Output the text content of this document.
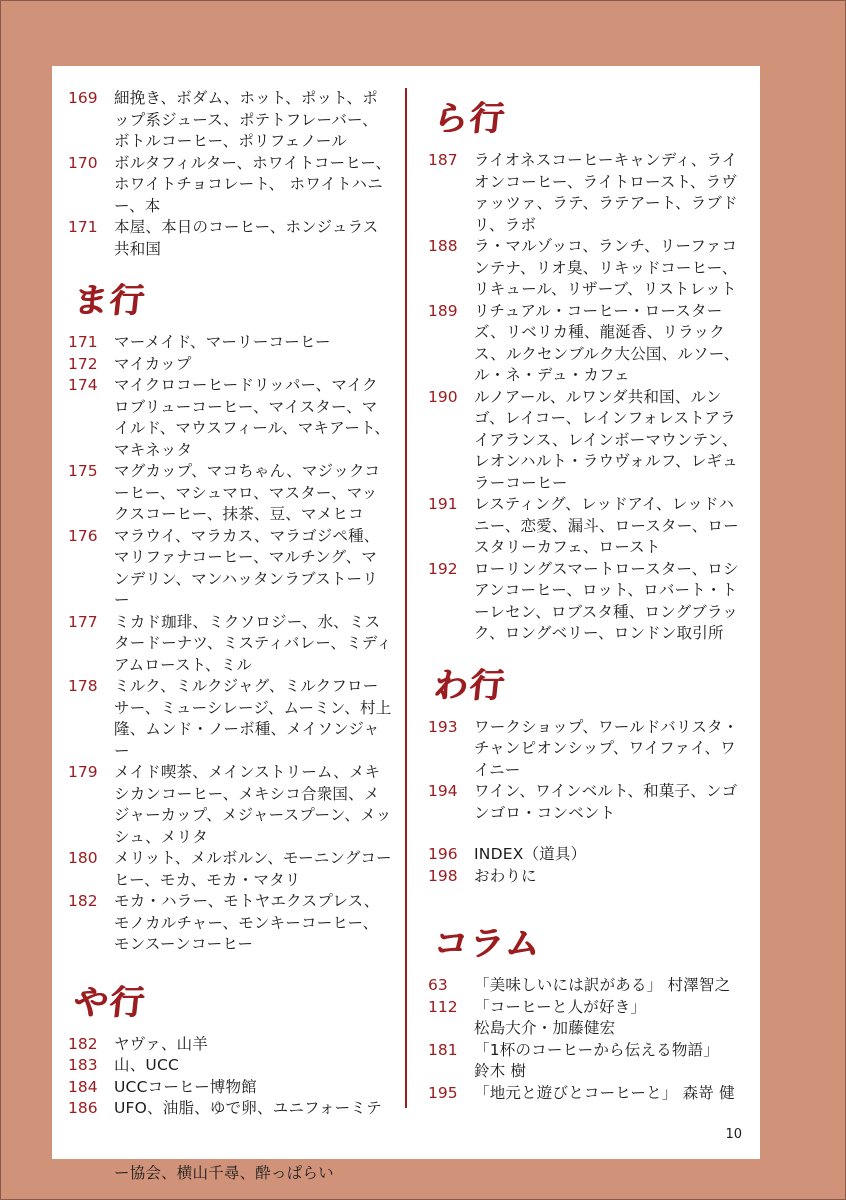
169	細挽き、ボダム、ホット、ポット、ポップ系ジュース、ポテトフレーバー、ボトルコーヒー、ポリフェノール
170	ボルタフィルター、ホワイトコーヒー、ホワイトチョコレート、 ホワイトハニー、本
171	本屋、本日のコーヒー、ホンジュラス共和国
ま行
171	マーメイド、マーリーコーヒー
172	マイカップ
174	マイクロコーヒードリッパー、マイクロブリューコーヒー、マイスター、マイルド、マウスフィール、マキアート、マキネッタ
175	マグカップ、マコちゃん、マジックコーヒー、マシュマロ、マスター、マックスコーヒー、抹茶、豆、マメヒコ
176	マラウイ、マラカス、マラゴジペ種、マリファナコーヒー、マルチング、マンデリン、マンハッタンラブストーリー
177	ミカド珈琲、ミクソロジー、水、ミスタードーナツ、ミスティバレー、ミディアムロースト、ミル
178	ミルク、ミルクジャグ、ミルクフローサー、ミューシレージ、ムーミン、村上隆、ムンド・ノーボ種、メイソンジャー
179	メイド喫茶、メインストリーム、メキシカンコーヒー、メキシコ合衆国、メジャーカップ、メジャースプーン、メッシュ、メリタ
180	メリット、メルボルン、モーニングコーヒー、モカ、モカ・マタリ
182	モカ・ハラー、モトヤエクスプレス、モノカルチャー、モンキーコーヒー、モンスーンコーヒー
や行
182	ヤヴァ、山羊
183	山、UCC
184	UCCコーヒー博物館
186	UFO、油脂、ゆで卵、ユニフォーミテ ー協会、横山千尋、酔っぱらい
ら行
187	ライオネスコーヒーキャンディ、ライオンコーヒー、ライトロースト、ラヴァッツァ、ラテ、ラテアート、ラブドリ、ラボ
188	ラ・マルゾッコ、ランチ、リーファコンテナ、リオ臭、リキッドコーヒー、リキュール、リザーブ、リストレット
189	リチュアル・コーヒー・ロースターズ、リベリカ種、龍涎香、リラックス、ルクセンブルク大公国、ルソー、ル・ネ・デュ・カフェ
190	ルノアール、ルワンダ共和国、ルンゴ、レイコー、レインフォレストアライアランス、レインボーマウンテン、レオンハルト・ラウヴォルフ、レギュラーコーヒー
191	レスティング、レッドアイ、レッドハニー、恋愛、漏斗、ロースター、ロースタリーカフェ、ロースト
192	ローリングスマートロースター、ロシアンコーヒー、ロット、ロバート・トーレセン、ロブスタ種、ロングブラック、ロングベリー、ロンドン取引所
わ行
193	ワークショップ、ワールドバリスタ・チャンピオンシップ、ワイファイ、ワイニー
194	ワイン、ワインベルト、和菓子、ンゴンゴロ・コンベント
196	INDEX（道具）
198	おわりに
コラム
63	「美味しいには訳がある」 村澤智之
112	「コーヒーと人が好き」
松島大介・加藤健宏
181	「1杯のコーヒーから伝える物語」
鈴木 樹
195	「地元と遊びとコーヒーと」 森嵜 健
10
